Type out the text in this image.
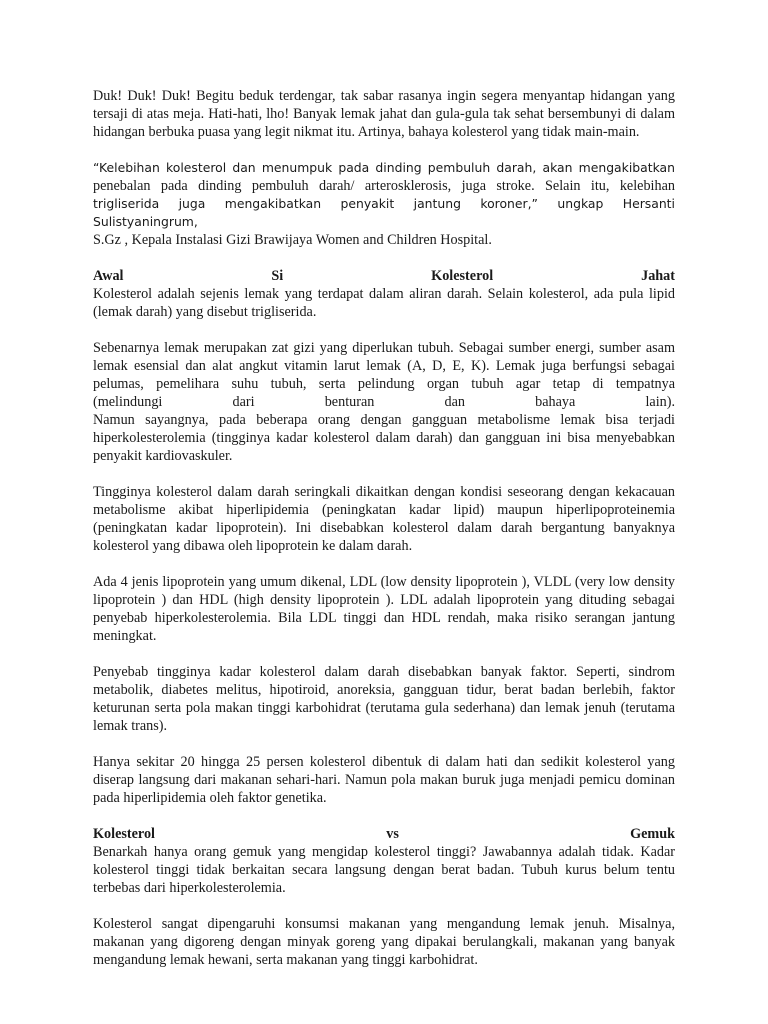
Duk! Duk! Duk! Begitu beduk terdengar, tak sabar rasanya ingin segera menyantap hidangan yang tersaji di atas meja. Hati-hati, lho! Banyak lemak jahat dan gula-gula tak sehat bersembunyi di dalam hidangan berbuka puasa yang legit nikmat itu. Artinya, bahaya kolesterol yang tidak main-main.

“Kelebihan kolesterol dan menumpuk pada dinding pembuluh darah, akan mengakibatkan
penebalan pada dinding pembuluh darah/ arterosklerosis, juga stroke. Selain itu, kelebihan
trigliserida juga mengakibatkan penyakit jantung koroner,” ungkap Hersanti Sulistyaningrum,
S.Gz , Kepala Instalasi Gizi Brawijaya Women and Children Hospital.
Awal	Si	Kolesterol	Jahat

Kolesterol adalah sejenis lemak yang terdapat dalam aliran darah. Selain kolesterol, ada pula lipid (lemak darah) yang disebut trigliserida.

Sebenarnya lemak merupakan zat gizi yang diperlukan tubuh. Sebagai sumber energi, sumber asam lemak esensial dan alat angkut vitamin larut lemak (A, D, E, K). Lemak juga berfungsi sebagai pelumas, pemelihara suhu tubuh, serta pelindung organ tubuh agar tetap di tempatnya

(melindungi	dari	benturan	dan	bahaya	lain).

Namun sayangnya, pada beberapa orang dengan gangguan metabolisme lemak bisa terjadi hiperkolesterolemia (tingginya kadar kolesterol dalam darah) dan gangguan ini bisa menyebabkan penyakit kardiovaskuler.

Tingginya kolesterol dalam darah seringkali dikaitkan dengan kondisi seseorang dengan kekacauan metabolisme akibat hiperlipidemia (peningkatan kadar lipid) maupun hiperlipoproteinemia (peningkatan kadar lipoprotein). Ini disebabkan kolesterol dalam darah bergantung banyaknya kolesterol yang dibawa oleh lipoprotein ke dalam darah.

Ada 4 jenis lipoprotein yang umum dikenal, LDL (low density lipoprotein ), VLDL (very low density lipoprotein ) dan HDL (high density lipoprotein ). LDL adalah lipoprotein yang dituding sebagai penyebab hiperkolesterolemia. Bila LDL tinggi dan HDL rendah, maka risiko serangan jantung meningkat.

Penyebab tingginya kadar kolesterol dalam darah disebabkan banyak faktor. Seperti, sindrom metabolik, diabetes melitus, hipotiroid, anoreksia, gangguan tidur, berat badan berlebih, faktor keturunan serta pola makan tinggi karbohidrat (terutama gula sederhana) dan lemak jenuh (terutama lemak trans).

Hanya sekitar 20 hingga 25 persen kolesterol dibentuk di dalam hati dan sedikit kolesterol yang diserap langsung dari makanan sehari-hari. Namun pola makan buruk juga menjadi pemicu dominan pada hiperlipidemia oleh faktor genetika.

Kolesterol	vs	Gemuk

Benarkah hanya orang gemuk yang mengidap kolesterol tinggi? Jawabannya adalah tidak. Kadar kolesterol tinggi tidak berkaitan secara langsung dengan berat badan. Tubuh kurus belum tentu terbebas dari hiperkolesterolemia.

Kolesterol sangat dipengaruhi konsumsi makanan yang mengandung lemak jenuh. Misalnya, makanan yang digoreng dengan minyak goreng yang dipakai berulangkali, makanan yang banyak mengandung lemak hewani, serta makanan yang tinggi karbohidrat.
